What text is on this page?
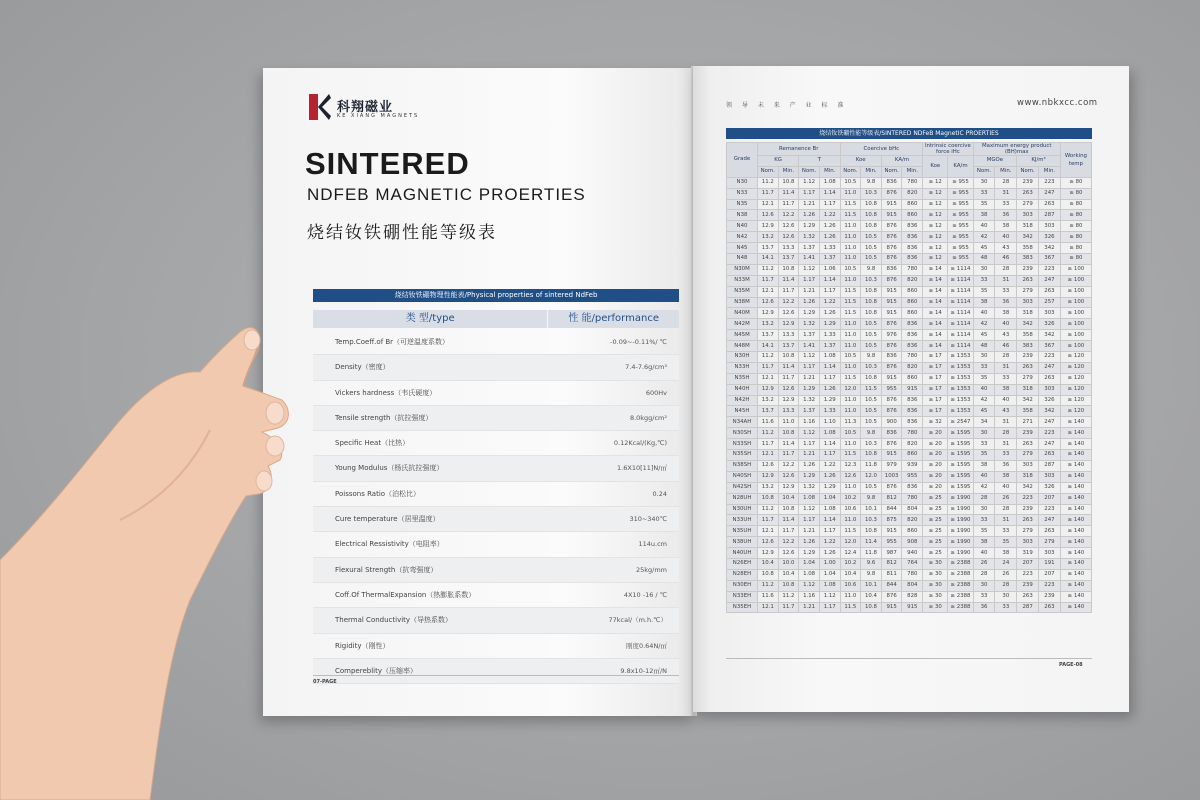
科翔磁业
KE XIANG MAGNETS
SINTERED
NDFEB MAGNETIC PROERTIES
烧结钕铁硼性能等级表
烧结钕铁硼物理性能表/Physical properties of sintered NdFeb
类 型/type	性 能/performance
Temp.Coeff.of Br（可逆温度系数）	-0.09~-0.11%/ ℃
Density（密度）	7.4-7.6g/cm³
Vickers hardness（韦氏硬度）	600Hv
Tensile strength（抗拉强度）	8.0kgg/cm²
Specific Heat（比热）	0.12Kcal/(Kg,℃)
Young Modulus（杨氏抗拉强度）	1.6X10[11]N/㎡
Poissons Ratio（泊松比）	0.24
Cure temperature（居里温度）	310~340℃
Electrical Ressistivity（电阻率）	114u.cm
Flexural Strength（抗弯强度）	25kg/mm
Coff.Of ThermalExpansion（热膨胀系数）	4X10 -16 / ℃
Thermal Conductivity（导热系数）	77kcal/（m.h.℃）
Rigidity（刚性）	刚度0.64N/㎡
Compereblity（压缩率）	9.8x10-12㎡/N
07-PAGE
领 导 未 来 产 业 标 准	www.nbkxcc.com
烧结钕铁硼性能等级表/SINTERED NDFeB MagnetIC PROERTIES
Grade	Remanence Br				Coercive bHc				Intrinsic coercive force iHc		Maximum energy product (BH)max				Working temp
	KG		T		Koe		KA/m		Koe	KA/m	MGOe		KJ/m³		
	Nom.	Min.	Nom.	Min.	Nom.	Min.	Nom.	Min.			Nom.	Min.	Nom.	Min.	
N30	11.2	10.8	1.12	1.08	10.5	9.8	836	780	≥ 12	≥ 955	30	28	239	223	≥ 80
N33	11.7	11.4	1.17	1.14	11.0	10.3	876	820	≥ 12	≥ 955	33	31	263	247	≥ 80
N35	12.1	11.7	1.21	1.17	11.5	10.8	915	860	≥ 12	≥ 955	35	33	279	263	≥ 80
N38	12.6	12.2	1.26	1.22	11.5	10.8	915	860	≥ 12	≥ 955	38	36	303	287	≥ 80
N40	12.9	12.6	1.29	1.26	11.0	10.8	876	836	≥ 12	≥ 955	40	38	318	303	≥ 80
N42	13.2	12.6	1.32	1.26	11.0	10.5	876	836	≥ 12	≥ 955	42	40	342	326	≥ 80
N45	13.7	13.3	1.37	1.33	11.0	10.5	876	836	≥ 12	≥ 955	45	43	358	342	≥ 80
N48	14.1	13.7	1.41	1.37	11.0	10.5	876	836	≥ 12	≥ 955	48	46	383	367	≥ 80
N30M	11.2	10.8	1.12	1.06	10.5	9.8	836	780	≥ 14	≥ 1114	30	28	239	223	≥ 100
N33M	11.7	11.4	1.17	1.14	11.0	10.3	876	820	≥ 14	≥ 1114	33	31	263	247	≥ 100
N35M	12.1	11.7	1.21	1.17	11.5	10.8	915	860	≥ 14	≥ 1114	35	33	279	263	≥ 100
N38M	12.6	12.2	1.26	1.22	11.5	10.8	915	860	≥ 14	≥ 1114	38	36	303	257	≥ 100
N40M	12.9	12.6	1.29	1.26	11.5	10.8	915	860	≥ 14	≥ 1114	40	38	318	303	≥ 100
N42M	13.2	12.9	1.32	1.29	11.0	10.5	876	836	≥ 14	≥ 1114	42	40	342	326	≥ 100
N45M	13.7	13.3	1.37	1.33	11.0	10.5	976	836	≥ 14	≥ 1114	45	43	358	342	≥ 100
N48M	14.1	13.7	1.41	1.37	11.0	10.5	876	836	≥ 14	≥ 1114	48	46	383	367	≥ 100
N30H	11.2	10.8	1.12	1.08	10.5	9.8	836	780	≥ 17	≥ 1353	30	28	239	223	≥ 120
N33H	11.7	11.4	1.17	1.14	11.0	10.3	876	820	≥ 17	≥ 1353	33	31	263	247	≥ 120
N35H	12.1	11.7	1.21	1.17	11.5	10.8	915	860	≥ 17	≥ 1353	35	33	279	263	≥ 120
N40H	12.9	12.6	1.29	1.26	12.0	11.5	955	915	≥ 17	≥ 1353	40	38	318	303	≥ 120
N42H	13.2	12.9	1.32	1.29	11.0	10.5	876	836	≥ 17	≥ 1353	42	40	342	326	≥ 120
N45H	13.7	13.3	1.37	1.33	11.0	10.5	876	836	≥ 17	≥ 1353	45	43	358	342	≥ 120
N34AH	11.6	11.0	1.16	1.10	11.3	10.5	900	836	≥ 32	≥ 2547	34	31	271	247	≥ 140
N30SH	11.2	10.8	1.12	1.08	10.5	9.8	836	780	≥ 20	≥ 1595	30	28	239	223	≥ 140
N33SH	11.7	11.4	1.17	1.14	11.0	10.3	876	820	≥ 20	≥ 1595	33	31	263	247	≥ 140
N35SH	12.1	11.7	1.21	1.17	11.5	10.8	915	860	≥ 20	≥ 1595	35	33	279	263	≥ 140
N38SH	12.6	12.2	1.26	1.22	12.3	11.8	979	939	≥ 20	≥ 1595	38	36	303	287	≥ 140
N40SH	12.9	12.6	1.29	1.26	12.6	12.0	1003	955	≥ 20	≥ 1595	40	38	318	303	≥ 140
N42SH	13.2	12.9	1.32	1.29	11.0	10.5	876	836	≥ 20	≥ 1595	42	40	342	326	≥ 140
N28UH	10.8	10.4	1.08	1.04	10.2	9.8	812	780	≥ 25	≥ 1990	28	26	223	207	≥ 140
N30UH	11.2	10.8	1.12	1.08	10.6	10.1	844	804	≥ 25	≥ 1990	30	28	239	223	≥ 140
N33UH	11.7	11.4	1.17	1.14	11.0	10.3	875	820	≥ 25	≥ 1990	33	31	263	247	≥ 140
N35UH	12.1	11.7	1.21	1.17	11.5	10.8	915	860	≥ 25	≥ 1990	35	33	279	263	≥ 140
N38UH	12.6	12.2	1.26	1.22	12.0	11.4	955	908	≥ 25	≥ 1990	38	35	303	279	≥ 140
N40UH	12.9	12.6	1.29	1.26	12.4	11.8	987	940	≥ 25	≥ 1990	40	38	319	303	≥ 140
N26EH	10.4	10.0	1.04	1.00	10.2	9.6	812	764	≥ 30	≥ 2388	26	24	207	191	≥ 140
N28EH	10.8	10.4	1.08	1.04	10.4	9.8	811	780	≥ 30	≥ 2388	28	26	223	207	≥ 140
N30EH	11.2	10.8	1.12	1.08	10.6	10.1	844	804	≥ 30	≥ 2388	30	28	239	223	≥ 140
N33EH	11.6	11.2	1.16	1.12	11.0	10.4	876	828	≥ 30	≥ 2388	33	30	263	239	≥ 140
N35EH	12.1	11.7	1.21	1.17	11.5	10.8	915	915	≥ 30	≥ 2388	36	33	287	263	≥ 140
PAGE-08
